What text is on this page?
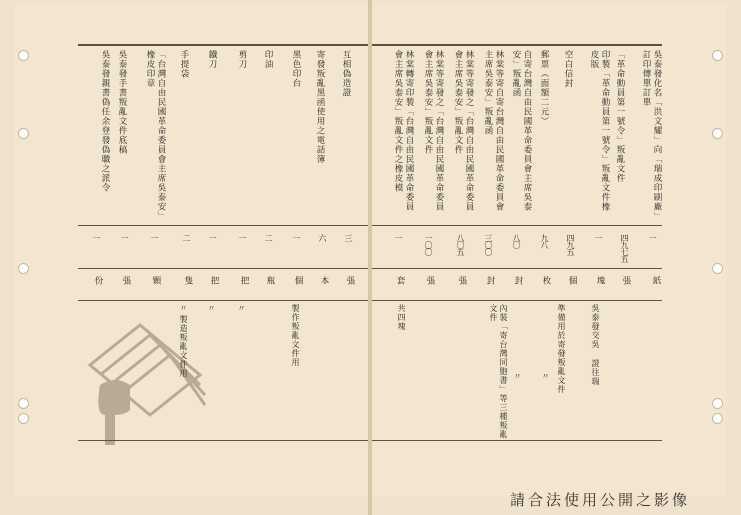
互相偽造證
寄發叛亂黑函使用之電話簿
黑色印台
印油
剪刀
鐵刀
手提袋
「台灣自由民國革命委員會主席吳泰安」橡皮印章
吳泰發手書叛亂文件底稿
吳泰發親書偽任余登發偽職之派令
三
六
一
二
一
一
二
一
一
一
張
本
個
瓶
把
把
隻
顆
張
份
製作叛亂文件用
〃
〃
〃
製造叛亂文件用
吳泰發化名「洪文耀」向「瑞成印刷廠」訂印傳單訂單
「革命動員第一號令」叛亂文件
印製「革命動員第一號令」叛亂文件橡皮版
空白信封
郵票（面額二元）
自寄台灣自由民國革命委員會主席吳泰安」叛亂函
林棠等寄自寄台灣自由民國革命委員會主席吳泰安」叛亂函
林棠等寄發之「台灣自由民國革命委員會主席吳泰安」叛亂文件
林棠等寄發之「台灣自由民國革命委員會主席吳泰安」叛亂文件
林棠轉寄印製「台灣自由民國革命委員會主席吳泰安」叛亂文件之橡皮模
一
四九七五
一
四九五
九八
八〇
三〇〇
八〇五
一〇〇
一
紙
張
塊
個
枚
封
封
張
張
套
吳泰發交吳 證往瑞
準備用於寄發叛亂文件
〃
〃
內裝「寄台灣同胞書」等三種叛亂文件
共四塊
請合法使用公開之影像
